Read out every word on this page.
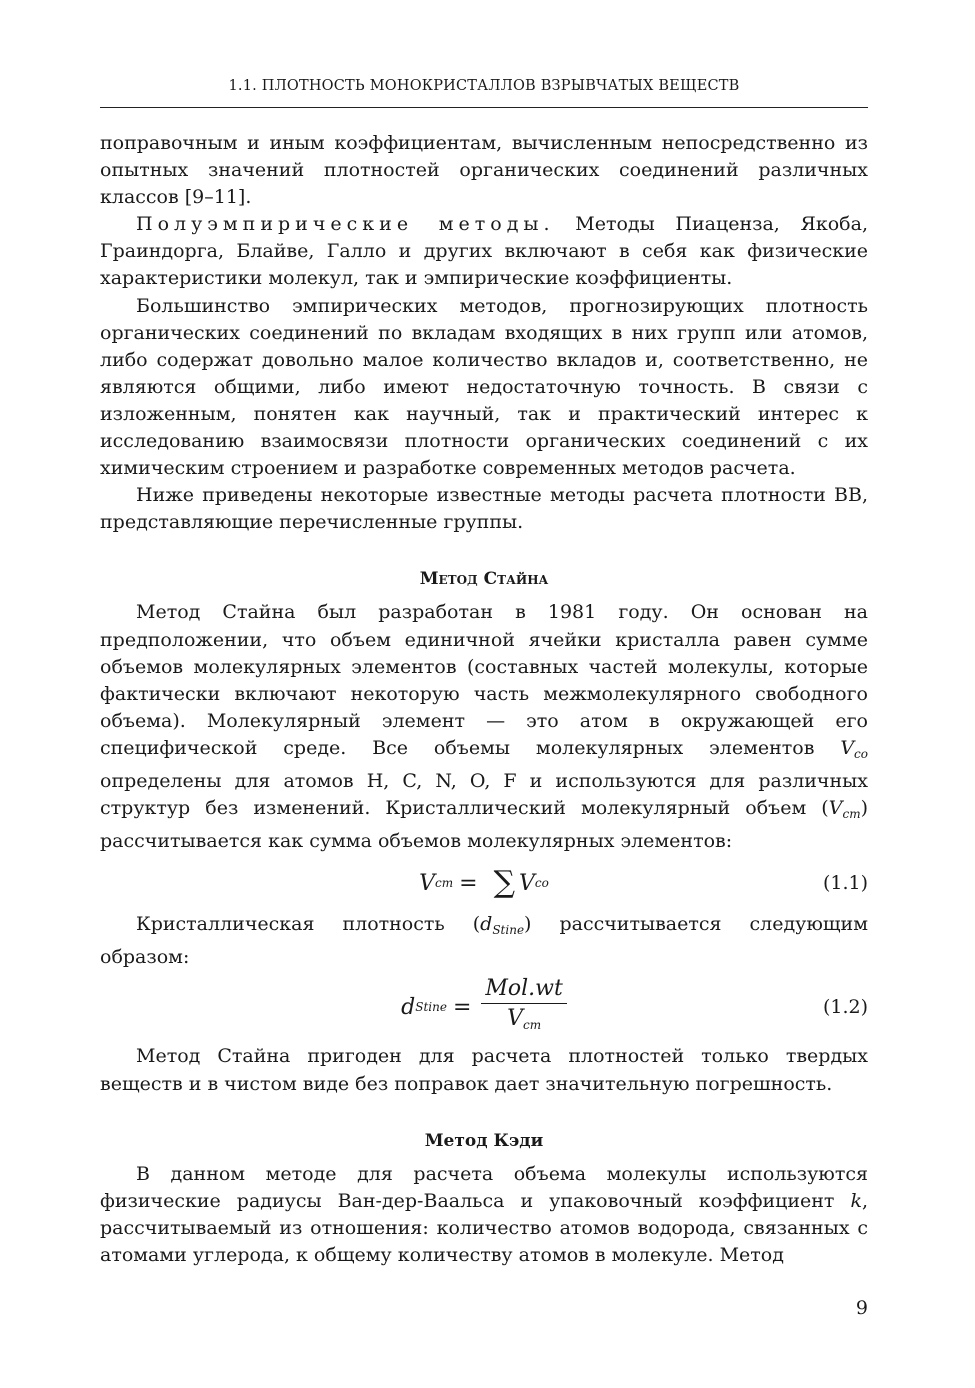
1.1. ПЛОТНОСТЬ МОНОКРИСТАЛЛОВ ВЗРЫВЧАТЫХ ВЕЩЕСТВ

поправочным и иным коэффициентам, вычисленным непосредственно из опытных значений плотностей органических соединений различных классов [9–11].

Полуэмпирические методы. Методы Пиаценза, Якоба, Граиндорга, Блайве, Галло и других включают в себя как физические характеристики молекул, так и эмпирические коэффициенты.

Большинство эмпирических методов, прогнозирующих плотность органических соединений по вкладам входящих в них групп или атомов, либо содержат довольно малое количество вкладов и, соответственно, не являются общими, либо имеют недостаточную точность. В связи с изложенным, понятен как научный, так и практический интерес к исследованию взаимосвязи плотности органических соединений с их химическим строением и разработке современных методов расчета.

Ниже приведены некоторые известные методы расчета плотности ВВ, представляющие перечисленные группы.

Метод Стайна

Метод Стайна был разработан в 1981 году. Он основан на предположении, что объем единичной ячейки кристалла равен сумме объемов молекулярных элементов (составных частей молекулы, которые фактически включают некоторую часть межмолекулярного свободного объема). Молекулярный элемент — это атом в окружающей его специфической среде. Все объемы молекулярных элементов $V_{co}$ определены для атомов H, C, N, O, F и используются для различных структур без изменений. Кристаллический молекулярный объем $(V_{cm})$ рассчитывается как сумма объемов молекулярных элементов:

V cm = ∑ V co	(1.1)

Кристаллическая плотность $(d_{Stine})$ рассчитывается следующим образом:

d Stine = $\frac{\text{Mol.wt}}{V_{cm}}$	(1.2)

Метод Стайна пригоден для расчета плотностей только твердых веществ и в чистом виде без поправок дает значительную погрешность.

Метод Кэди

В данном методе для расчета объема молекулы используются физические радиусы Ван-дер-Ваальса и упаковочный коэффициент k, рассчитываемый из отношения: количество атомов водорода, связанных с атомами углерода, к общему количеству атомов в молекуле. Метод

9
